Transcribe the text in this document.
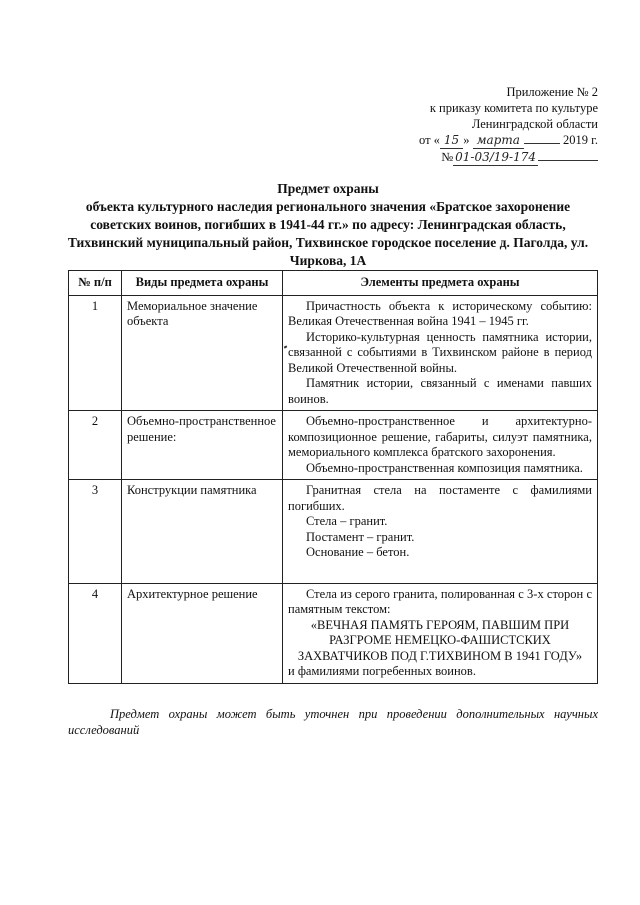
Приложение № 2
к приказу комитета по культуре
Ленинградской области
от « 15 » марта	2019 г.
№ 01-03/19-174
Предмет охраны
объекта культурного наследия регионального значения «Братское захоронение советских воинов, погибших в 1941-44 гг.» по адресу: Ленинградская область, Тихвинский муниципальный район, Тихвинское городское поселение д. Паголда, ул. Чиркова, 1А
№ п/п	Виды предмета охраны	Элементы предмета охраны
1	Мемориальное значение объекта	Причастность объекта к историческому событию: Великая Отечественная война 1941 – 1945 гг.

Историко-культурная ценность памятника истории, связанной с событиями в Тихвинском районе в период Великой Отечественной войны.

Памятник истории, связанный с именами павших воинов.

2	Объемно-пространственное решение:	Объемно-пространственное и архитектурно-композиционное решение, габариты, силуэт памятника, мемориального комплекса братского захоронения.

Объемно-пространственная композиция памятника.

3	Конструкции памятника	Гранитная стела на постаменте с фамилиями погибших.

Стела – гранит.

Постамент – гранит.

Основание – бетон.

4	Архитектурное решение	Стела из серого гранита, полированная с 3-х сторон с памятным текстом:

«ВЕЧНАЯ ПАМЯТЬ ГЕРОЯМ, ПАВШИМ ПРИ РАЗГРОМЕ НЕМЕЦКО-ФАШИСТСКИХ ЗАХВАТЧИКОВ ПОД Г.ТИХВИНОМ В 1941 ГОДУ»

и фамилиями погребенных воинов.

Предмет охраны может быть уточнен при проведении дополнительных научных исследований
